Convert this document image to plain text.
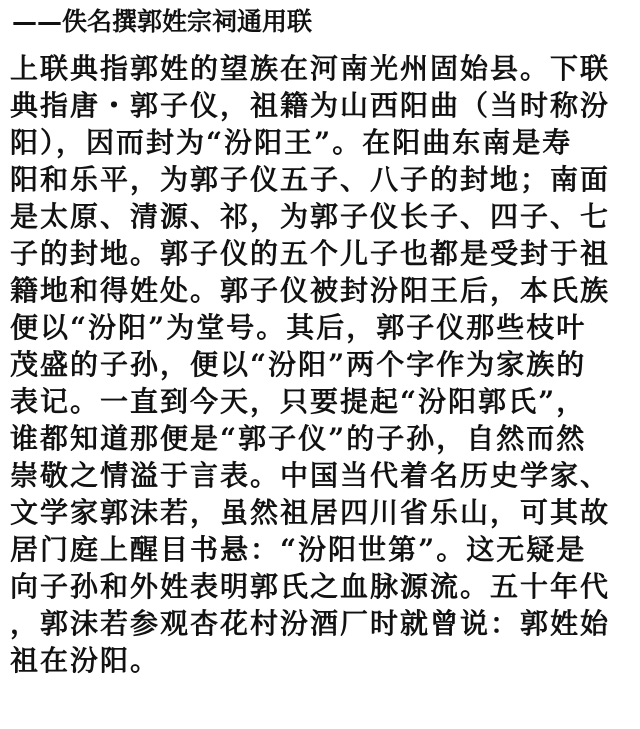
——佚名撰郭姓宗祠通用联
上联典指郭姓的望族在河南光州固始县。下联
典指唐・郭子仪，祖籍为山西阳曲（当时称汾
阳），因而封为“汾阳王”。在阳曲东南是寿
阳和乐平，为郭子仪五子、八子的封地；南面
是太原、清源、祁，为郭子仪长子、四子、七
子的封地。郭子仪的五个儿子也都是受封于祖
籍地和得姓处。郭子仪被封汾阳王后，本氏族
便以“汾阳”为堂号。其后，郭子仪那些枝叶
茂盛的子孙，便以“汾阳”两个字作为家族的
表记。一直到今天，只要提起“汾阳郭氏”，
谁都知道那便是“郭子仪”的子孙，自然而然
崇敬之情溢于言表。中国当代着名历史学家、
文学家郭沫若，虽然祖居四川省乐山，可其故
居门庭上醒目书悬：“汾阳世第”。这无疑是
向子孙和外姓表明郭氏之血脉源流。五十年代
，郭沫若参观杏花村汾酒厂时就曾说：郭姓始
祖在汾阳。
